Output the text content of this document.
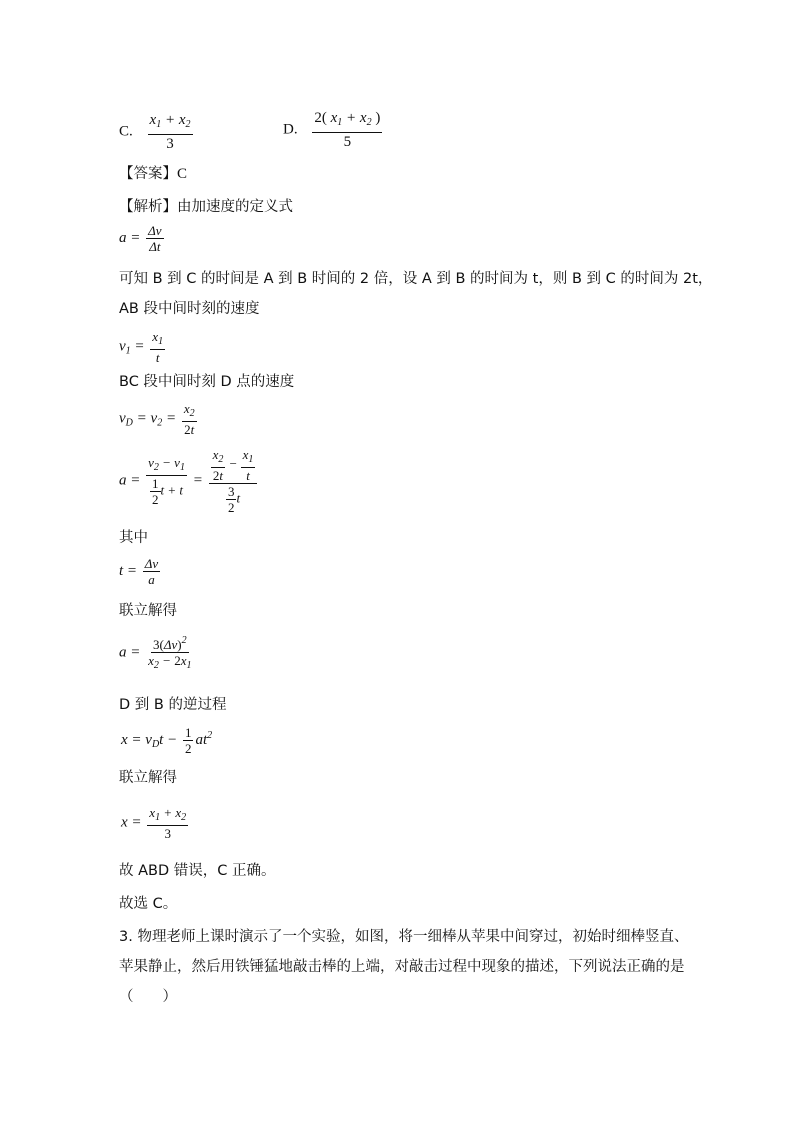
C. $\frac{x_1 + x_2}{3}$	D. $\frac{2( x_1 + x_2 )}{5}$
【答案】C
【解析】由加速度的定义式
$a = \frac{\Delta v}{\Delta t}$
可知 B 到 C 的时间是 A 到 B 时间的 2 倍，设 A 到 B 的时间为 t，则 B 到 C 的时间为 2t，
AB 段中间时刻的速度
$v_1 = \frac{x_1}{t}$
BC 段中间时刻 D 点的速度
$v_D = v_2 = \frac{x_2}{2t}$
$a = \frac{v_2 - v_1}{\frac{1}{2} t + t} = \frac{\frac{x_2}{2t} - \frac{x_1}{t}}{\frac{3}{2} t}$
其中
$t = \frac{\Delta v}{a}$
联立解得
$a = \frac{3(\Delta v)^2}{x_2 - 2x_1}$
D 到 B 的逆过程
$x = v_Dt - \frac{1}{2} at^2$
联立解得
$x = \frac{x_1 + x_2}{3}$
故 ABD 错误，C 正确。
故选 C。
3. 物理老师上课时演示了一个实验，如图，将一细棒从苹果中间穿过，初始时细棒竖直、
苹果静止，然后用铁锤猛地敲击棒的上端，对敲击过程中现象的描述，下列说法正确的是
（　　）
